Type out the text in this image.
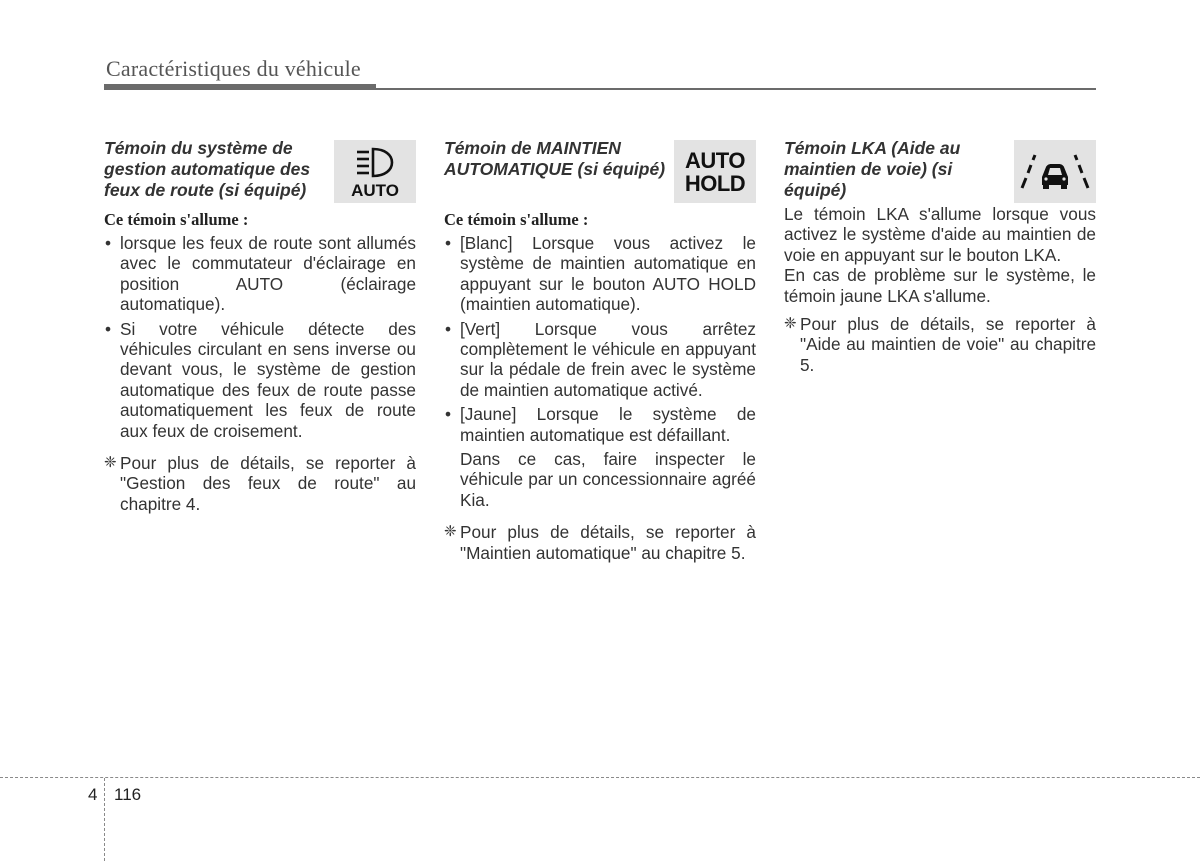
Caractéristiques du véhicule

Témoin du système de gestion automatique des feux de route (si équipé)	AUTO
Ce témoin s'allume :
• lorsque les feux de route sont allumés avec le commutateur d'éclairage en position AUTO (éclairage automatique).
• Si votre véhicule détecte des véhicules circulant en sens inverse ou devant vous, le système de gestion automatique des feux de route passe automatiquement les feux de route aux feux de croisement.
❈ Pour plus de détails, se reporter à "Gestion des feux de route" au chapitre 4.

Témoin de MAINTIEN AUTOMATIQUE (si équipé) AUTO
HOLD
Ce témoin s'allume :
• [Blanc] Lorsque vous activez le système de maintien automatique en appuyant sur le bouton AUTO HOLD (maintien automatique).
• [Vert] Lorsque vous arrêtez complètement le véhicule en appuyant sur la pédale de frein avec le système de maintien automatique activé.
• [Jaune] Lorsque le système de maintien automatique est défaillant.
Dans ce cas, faire inspecter le véhicule par un concessionnaire agréé Kia.
❈ Pour plus de détails, se reporter à "Maintien automatique" au chapitre 5.

Témoin LKA (Aide au maintien de voie) (si équipé)

Le témoin LKA s'allume lorsque vous activez le système d'aide au maintien de voie en appuyant sur le bouton LKA.

En cas de problème sur le système, le témoin jaune LKA s'allume.

❈ Pour plus de détails, se reporter à "Aide au maintien de voie" au chapitre 5.
4 116
